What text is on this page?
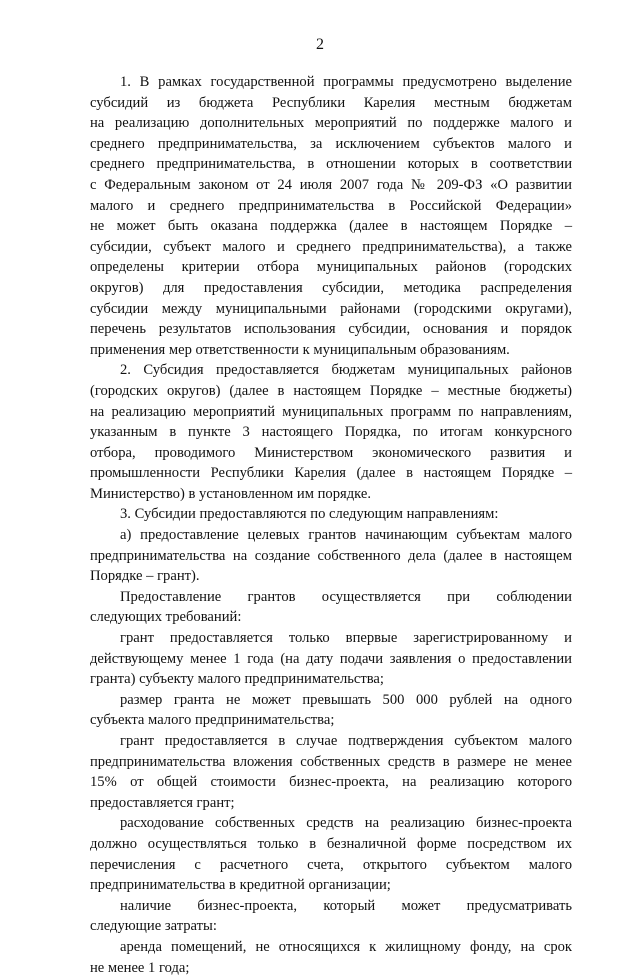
2
1. В рамках государственной программы предусмотрено выделение
субсидий из бюджета Республики Карелия местным бюджетам
на реализацию дополнительных мероприятий по поддержке малого и
среднего предпринимательства, за исключением субъектов малого и
среднего предпринимательства, в отношении которых в соответствии
с Федеральным законом от 24 июля 2007 года № 209-ФЗ «О развитии
малого и среднего предпринимательства в Российской Федерации»
не может быть оказана поддержка (далее в настоящем Порядке –
субсидии, субъект малого и среднего предпринимательства), а также
определены критерии отбора муниципальных районов (городских
округов) для предоставления субсидии, методика распределения
субсидии между муниципальными районами (городскими округами),
перечень результатов использования субсидии, основания и порядок
применения мер ответственности к муниципальным образованиям.
2. Субсидия предоставляется бюджетам муниципальных районов
(городских округов) (далее в настоящем Порядке – местные бюджеты)
на реализацию мероприятий муниципальных программ по направлениям,
указанным в пункте 3 настоящего Порядка, по итогам конкурсного
отбора, проводимого Министерством экономического развития и
промышленности Республики Карелия (далее в настоящем Порядке –
Министерство) в установленном им порядке.
3. Субсидии предоставляются по следующим направлениям:
а) предоставление целевых грантов начинающим субъектам малого
предпринимательства на создание собственного дела (далее в настоящем
Порядке – грант).
Предоставление грантов осуществляется при соблюдении
следующих требований:
грант предоставляется только впервые зарегистрированному и
действующему менее 1 года (на дату подачи заявления о предоставлении
гранта) субъекту малого предпринимательства;
размер гранта не может превышать 500 000 рублей на одного
субъекта малого предпринимательства;
грант предоставляется в случае подтверждения субъектом малого
предпринимательства вложения собственных средств в размере не менее
15% от общей стоимости бизнес-проекта, на реализацию которого
предоставляется грант;
расходование собственных средств на реализацию бизнес-проекта
должно осуществляться только в безналичной форме посредством их
перечисления с расчетного счета, открытого субъектом малого
предпринимательства в кредитной организации;
наличие бизнес-проекта, который может предусматривать
следующие затраты:
аренда помещений, не относящихся к жилищному фонду, на срок
не менее 1 года;
